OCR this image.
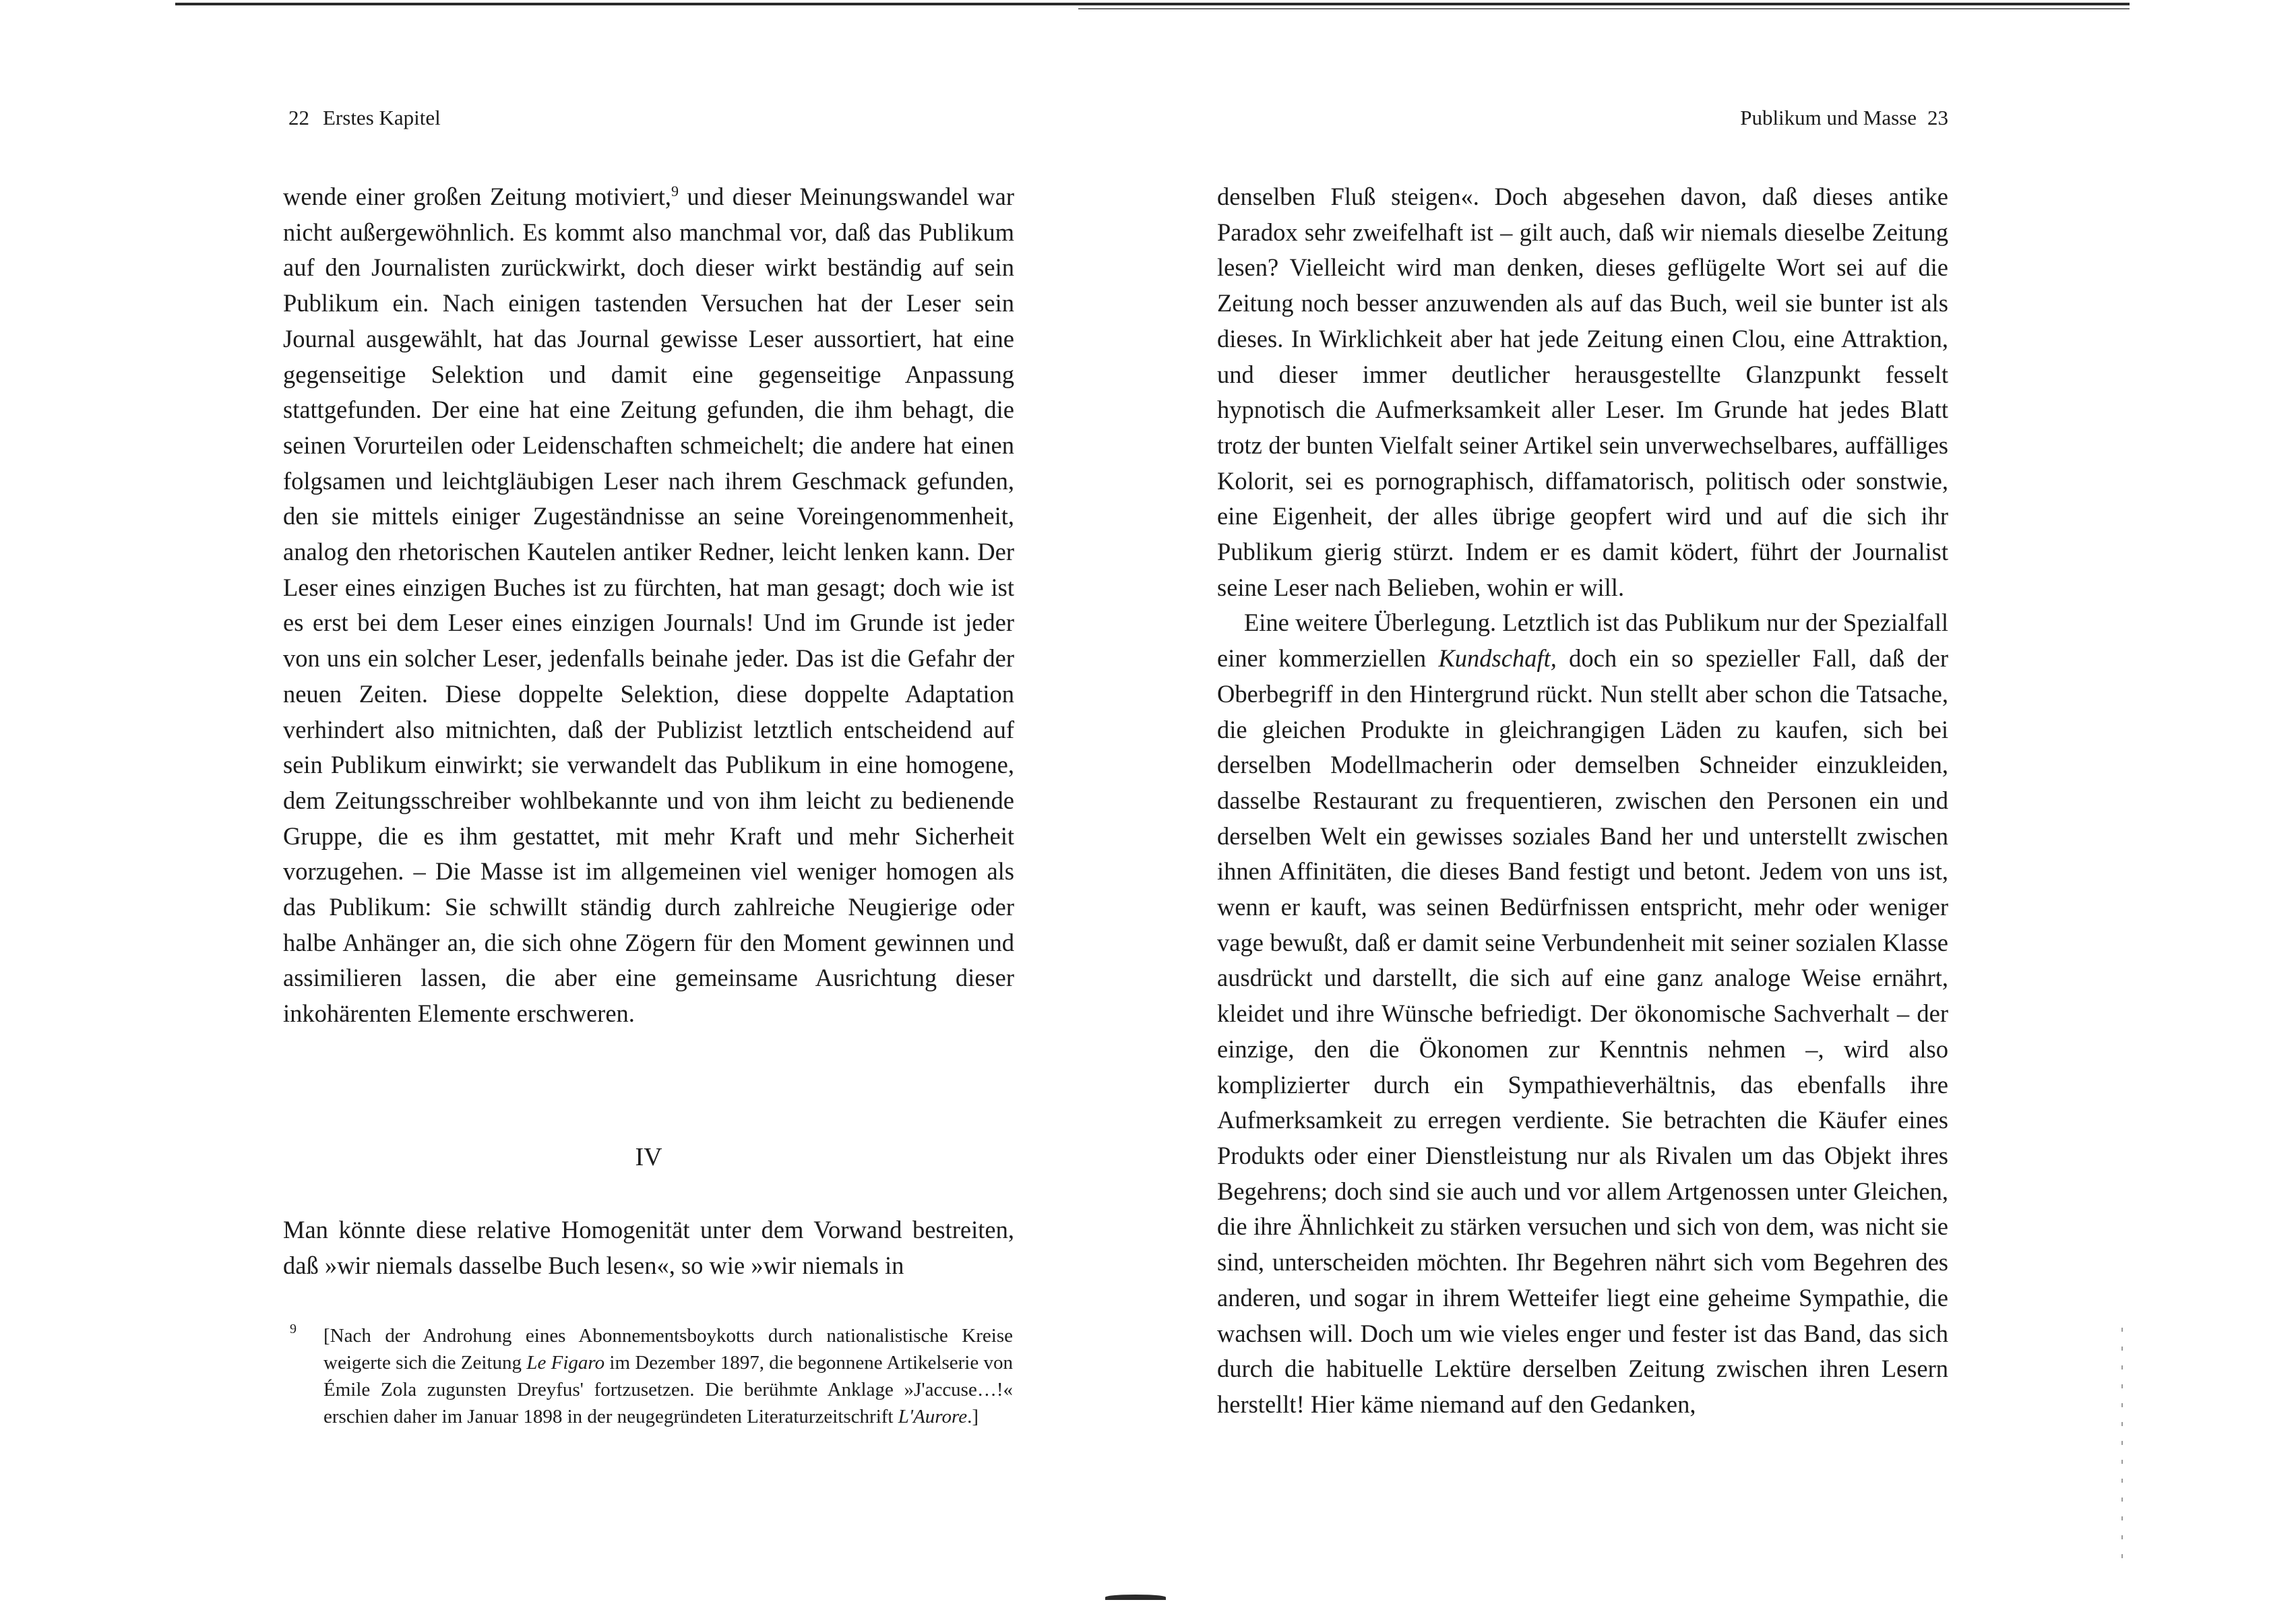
22 Erstes Kapitel

wende einer großen Zeitung motiviert,$^9$ und dieser Meinungswandel war nicht außergewöhnlich. Es kommt also manchmal vor, daß das Publikum auf den Journalisten zurückwirkt, doch dieser wirkt beständig auf sein Publikum ein. Nach einigen tastenden Versuchen hat der Leser sein Journal ausgewählt, hat das Journal gewisse Leser aussortiert, hat eine gegenseitige Selektion und damit eine gegenseitige Anpassung stattgefunden. Der eine hat eine Zeitung gefunden, die ihm behagt, die seinen Vorurteilen oder Leidenschaften schmeichelt; die andere hat einen folgsamen und leichtgläubigen Leser nach ihrem Geschmack gefunden, den sie mittels einiger Zugeständnisse an seine Voreingenommenheit, analog den rhetorischen Kautelen antiker Redner, leicht lenken kann. Der Leser eines einzigen Buches ist zu fürchten, hat man gesagt; doch wie ist es erst bei dem Leser eines einzigen Journals! Und im Grunde ist jeder von uns ein solcher Leser, jedenfalls beinahe jeder. Das ist die Gefahr der neuen Zeiten. Diese doppelte Selektion, diese doppelte Adaptation verhindert also mitnichten, daß der Publizist letztlich entscheidend auf sein Publikum einwirkt; sie verwandelt das Publikum in eine homogene, dem Zeitungsschreiber wohlbekannte und von ihm leicht zu bedienende Gruppe, die es ihm gestattet, mit mehr Kraft und mehr Sicherheit vorzugehen. – Die Masse ist im allgemeinen viel weniger homogen als das Publikum: Sie schwillt ständig durch zahlreiche Neugierige oder halbe Anhänger an, die sich ohne Zögern für den Moment gewinnen und assimilieren lassen, die aber eine gemeinsame Ausrichtung dieser inkohärenten Elemente erschweren.

IV

Man könnte diese relative Homogenität unter dem Vorwand bestreiten, daß »wir niemals dasselbe Buch lesen«, so wie »wir niemals in

9	[Nach der Androhung eines Abonnementsboykotts durch nationalistische Kreise weigerte sich die Zeitung Le Figaro im Dezember 1897, die begonnene Artikelserie von Émile Zola zugunsten Dreyfus' fortzusetzen. Die berühmte Anklage »J'accuse…!« erschien daher im Januar 1898 in der neugegründeten Literaturzeitschrift L'Aurore.]

Publikum und Masse 23

denselben Fluß steigen«. Doch abgesehen davon, daß dieses antike Paradox sehr zweifelhaft ist – gilt auch, daß wir niemals dieselbe Zeitung lesen? Vielleicht wird man denken, dieses geflügelte Wort sei auf die Zeitung noch besser anzuwenden als auf das Buch, weil sie bunter ist als dieses. In Wirklichkeit aber hat jede Zeitung einen Clou, eine Attraktion, und dieser immer deutlicher herausgestellte Glanzpunkt fesselt hypnotisch die Aufmerksamkeit aller Leser. Im Grunde hat jedes Blatt trotz der bunten Vielfalt seiner Artikel sein unverwechselbares, auffälliges Kolorit, sei es pornographisch, diffamatorisch, politisch oder sonstwie, eine Eigenheit, der alles übrige geopfert wird und auf die sich ihr Publikum gierig stürzt. Indem er es damit ködert, führt der Journalist seine Leser nach Belieben, wohin er will.

Eine weitere Überlegung. Letztlich ist das Publikum nur der Spezialfall einer kommerziellen Kundschaft, doch ein so spezieller Fall, daß der Oberbegriff in den Hintergrund rückt. Nun stellt aber schon die Tatsache, die gleichen Produkte in gleichrangigen Läden zu kaufen, sich bei derselben Modellmacherin oder demselben Schneider einzukleiden, dasselbe Restaurant zu frequentieren, zwischen den Personen ein und derselben Welt ein gewisses soziales Band her und unterstellt zwischen ihnen Affinitäten, die dieses Band festigt und betont. Jedem von uns ist, wenn er kauft, was seinen Bedürfnissen entspricht, mehr oder weniger vage bewußt, daß er damit seine Verbundenheit mit seiner sozialen Klasse ausdrückt und darstellt, die sich auf eine ganz analoge Weise ernährt, kleidet und ihre Wünsche befriedigt. Der ökonomische Sachverhalt – der einzige, den die Ökonomen zur Kenntnis nehmen –, wird also komplizierter durch ein Sympathieverhältnis, das ebenfalls ihre Aufmerksamkeit zu erregen verdiente. Sie betrachten die Käufer eines Produkts oder einer Dienstleistung nur als Rivalen um das Objekt ihres Begehrens; doch sind sie auch und vor allem Artgenossen unter Gleichen, die ihre Ähnlichkeit zu stärken versuchen und sich von dem, was nicht sie sind, unterscheiden möchten. Ihr Begehren nährt sich vom Begehren des anderen, und sogar in ihrem Wetteifer liegt eine geheime Sympathie, die wachsen will. Doch um wie vieles enger und fester ist das Band, das sich durch die habituelle Lektüre derselben Zeitung zwischen ihren Lesern herstellt! Hier käme niemand auf den Gedanken,
